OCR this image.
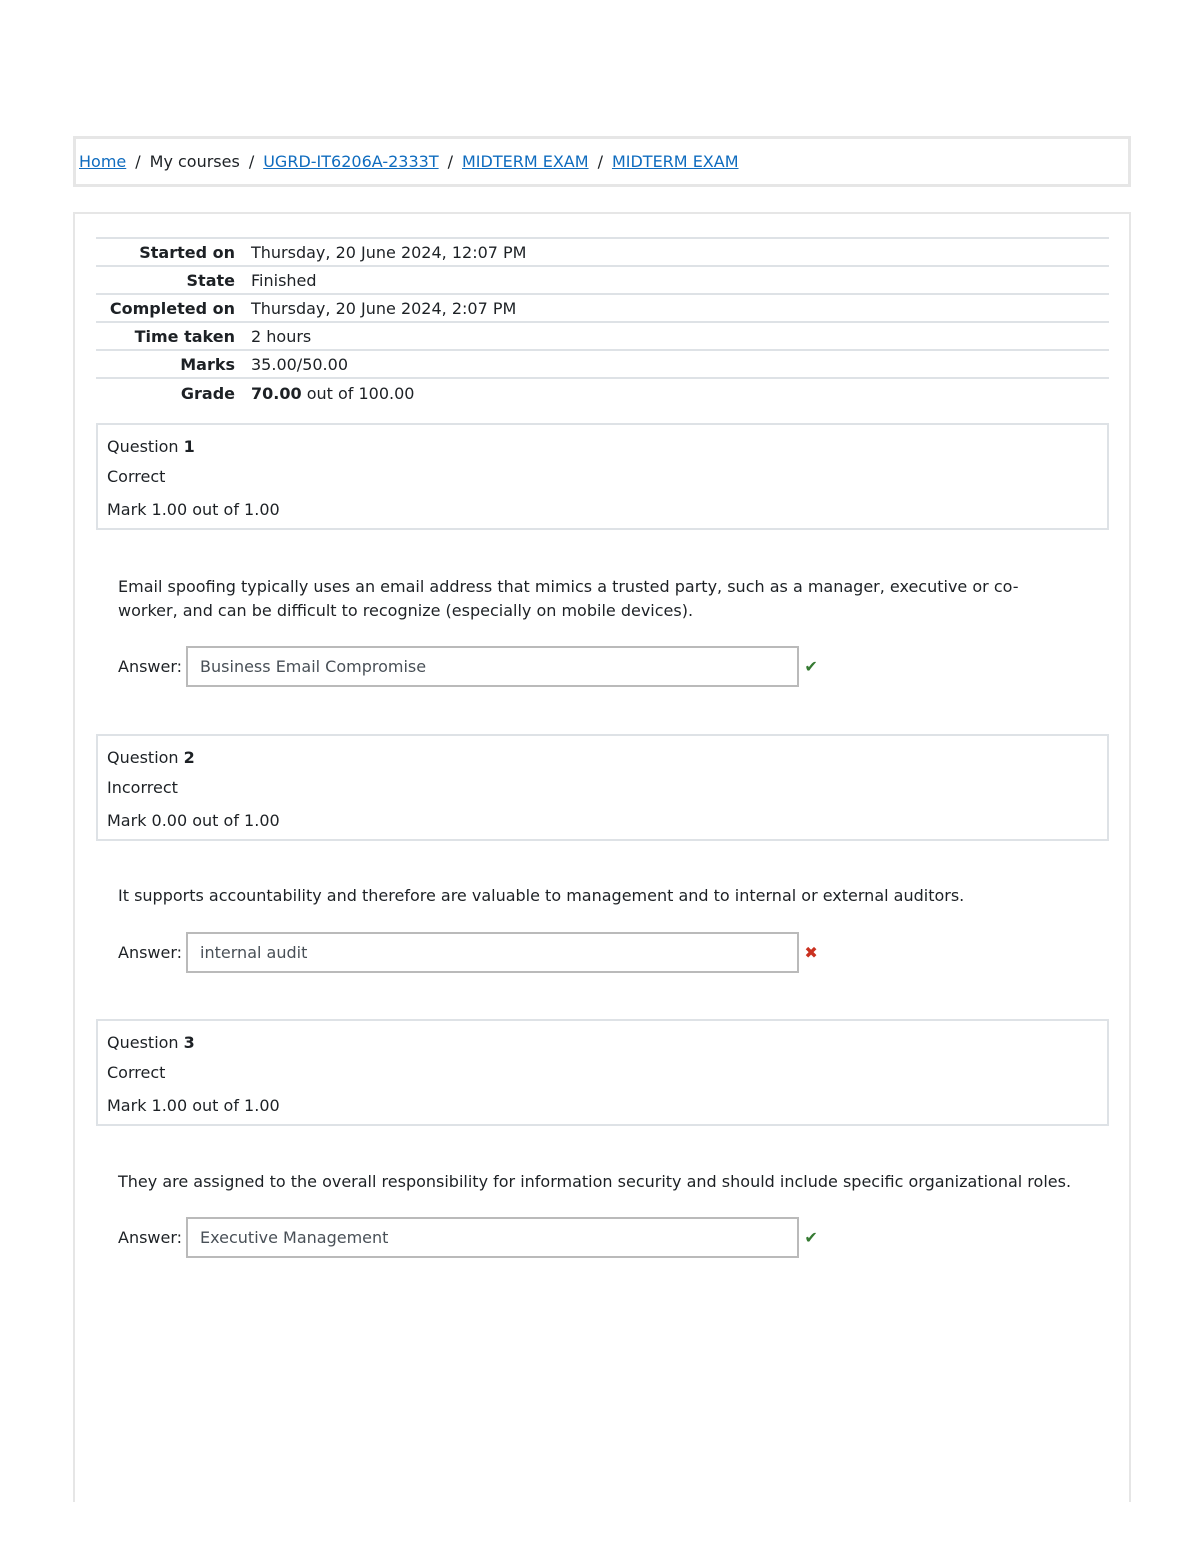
Home / My courses / UGRD-IT6206A-2333T / MIDTERM EXAM / MIDTERM EXAM
Started on	Thursday, 20 June 2024, 12:07 PM
State	Finished
Completed on	Thursday, 20 June 2024, 2:07 PM
Time taken	2 hours
Marks	35.00/50.00
Grade	70.00 out of 100.00
Question 1
Correct
Mark 1.00 out of 1.00
Email spoofing typically uses an email address that mimics a trusted party, such as a manager, executive or co-worker, and can be difficult to recognize (especially on mobile devices).
Answer:	Business Email Compromise	✔
Question 2
Incorrect
Mark 0.00 out of 1.00
It supports accountability and therefore are valuable to management and to internal or external auditors.
Answer:	internal audit	✖
Question 3
Correct
Mark 1.00 out of 1.00
They are assigned to the overall responsibility for information security and should include specific organizational roles.
Answer:	Executive Management	✔
